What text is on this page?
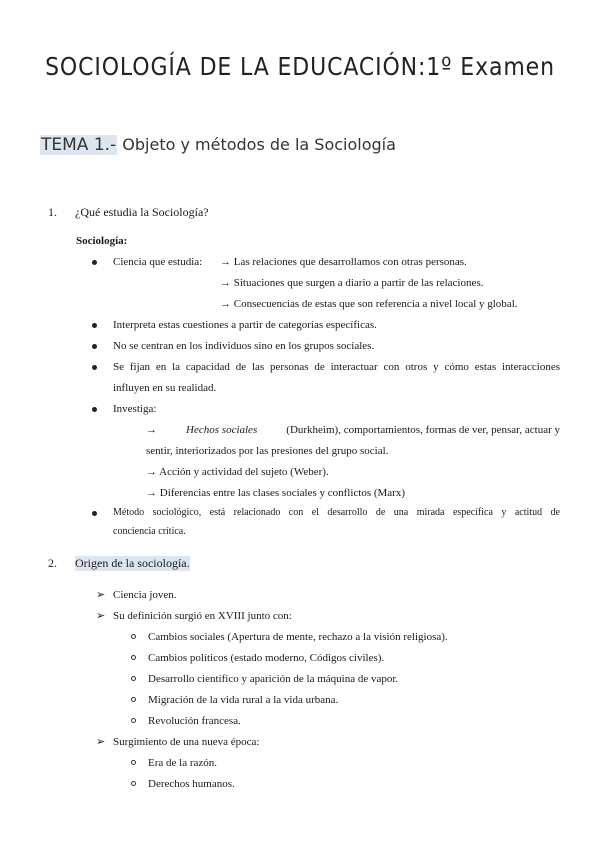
SOCIOLOGÍA DE LA EDUCACIÓN:1º Examen
TEMA 1.- Objeto y métodos de la Sociología
1. ¿Qué estudia la Sociología?
Sociología:
Ciencia que estudia: → Las relaciones que desarrollamos con otras personas.
→ Situaciones que surgen a diario a partir de las relaciones.
→ Consecuencias de estas que son referencia a nivel local y global.
Interpreta estas cuestiones a partir de categorías específicas.
No se centran en los individuos sino en los grupos sociales.
Se fijan en la capacidad de las personas de interactuar con otros y cómo estas interacciones
influyen en su realidad.
Investiga:
→	Hechos sociales	(Durkheim), comportamientos, formas de ver, pensar, actuar y
sentir, interiorizados por las presiones del grupo social.
→ Acción y actividad del sujeto (Weber).
→ Diferencias entre las clases sociales y conflictos (Marx)
Método sociológico, está relacionado con el desarrollo de una mirada específica y actitud de
conciencia crítica.
2. Origen de la sociología.
➢ Ciencia joven.
➢ Su definición surgió en XVIII junto con:
Cambios sociales (Apertura de mente, rechazo a la visión religiosa).
Cambios políticos (estado moderno, Códigos civiles).
Desarrollo científico y aparición de la máquina de vapor.
Migración de la vida rural a la vida urbana.
Revolución francesa.
➢ Surgimiento de una nueva época:
Era de la razón.
Derechos humanos.
